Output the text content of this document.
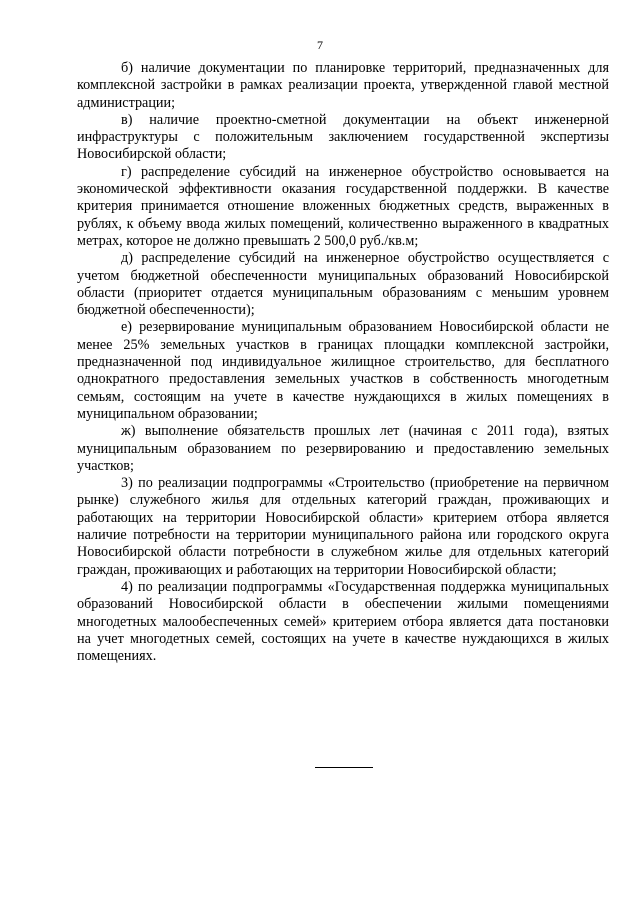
7

б) наличие документации по планировке территорий, предназначенных для комплексной застройки в рамках реализации проекта, утвержденной главой местной администрации;

в) наличие проектно-сметной документации на объект инженерной инфраструктуры с положительным заключением государственной экспертизы Новосибирской области;

г) распределение субсидий на инженерное обустройство основывается на экономической эффективности оказания государственной поддержки. В качестве критерия принимается отношение вложенных бюджетных средств, выраженных в рублях, к объему ввода жилых помещений, количественно выраженного в квадратных метрах, которое не должно превышать 2 500,0 руб./кв.м;

д) распределение субсидий на инженерное обустройство осуществляется с учетом бюджетной обеспеченности муниципальных образований Новосибирской области (приоритет отдается муниципальным образованиям с меньшим уровнем бюджетной обеспеченности);

е) резервирование муниципальным образованием Новосибирской области не менее 25% земельных участков в границах площадки комплексной застройки, предназначенной под индивидуальное жилищное строительство, для бесплатного однократного предоставления земельных участков в собственность многодетным семьям, состоящим на учете в качестве нуждающихся в жилых помещениях в муниципальном образовании;

ж) выполнение обязательств прошлых лет (начиная с 2011 года), взятых муниципальным образованием по резервированию и предоставлению земельных участков;

3) по реализации подпрограммы «Строительство (приобретение на первичном рынке) служебного жилья для отдельных категорий граждан, проживающих и работающих на территории Новосибирской области» критерием отбора является наличие потребности на территории муниципального района или городского округа Новосибирской области потребности в служебном жилье для отдельных категорий граждан, проживающих и работающих на территории Новосибирской области;

4) по реализации подпрограммы «Государственная поддержка муниципальных образований Новосибирской области в обеспечении жилыми помещениями многодетных малообеспеченных семей» критерием отбора является дата постановки на учет многодетных семей, состоящих на учете в качестве нуждающихся в жилых помещениях.
